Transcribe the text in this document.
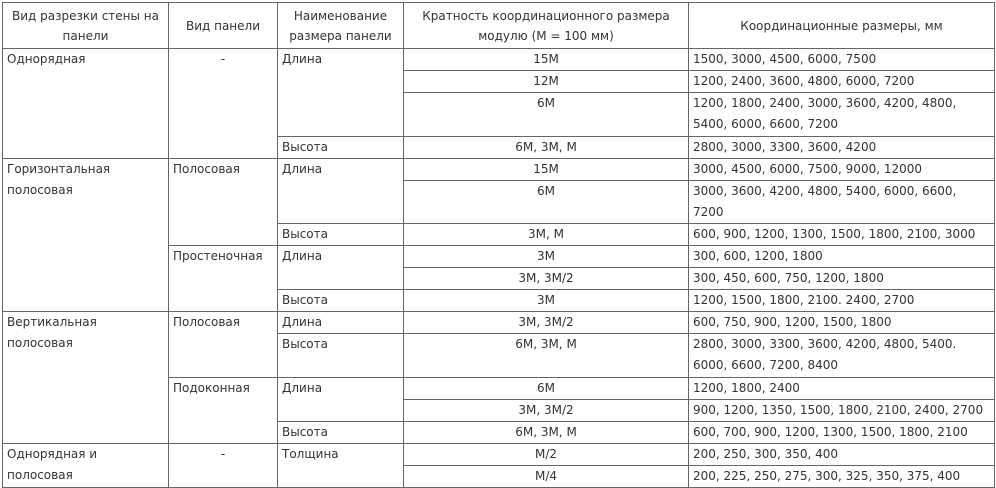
Вид разрезки стены на панели	Вид панели	Наименование размера панели	Кратность координационного размера модулю (М = 100 мм)	Координационные размеры, мм
Однорядная	-	Длина	15М	1500, 3000, 4500, 6000, 7500
			12М	1200, 2400, 3600, 4800, 6000, 7200
			6М	1200, 1800, 2400, 3000, 3600, 4200, 4800, 5400, 6000, 6600, 7200
		Высота	6М, 3М, М	2800, 3000, 3300, 3600, 4200
Горизонтальная полосовая	Полосовая	Длина	15М	3000, 4500, 6000, 7500, 9000, 12000
			6М	3000, 3600, 4200, 4800, 5400, 6000, 6600, 7200
		Высота	3М, М	600, 900, 1200, 1300, 1500, 1800, 2100, 3000
	Простеночная	Длина	3М	300, 600, 1200, 1800
			3М, 3М/2	300, 450, 600, 750, 1200, 1800
		Высота	3М	1200, 1500, 1800, 2100. 2400, 2700
Вертикальная полосовая	Полосовая	Длина	3М, 3М/2	600, 750, 900, 1200, 1500, 1800
		Высота	6М, 3М, М	2800, 3000, 3300, 3600, 4200, 4800, 5400. 6000, 6600, 7200, 8400
	Подоконная	Длина	6М	1200, 1800, 2400
			3М, 3М/2	900, 1200, 1350, 1500, 1800, 2100, 2400, 2700
		Высота	6М, 3М, М	600, 700, 900, 1200, 1300, 1500, 1800, 2100
Однорядная и полосовая	-	Толщина	М/2	200, 250, 300, 350, 400
			М/4	200, 225, 250, 275, 300, 325, 350, 375, 400
